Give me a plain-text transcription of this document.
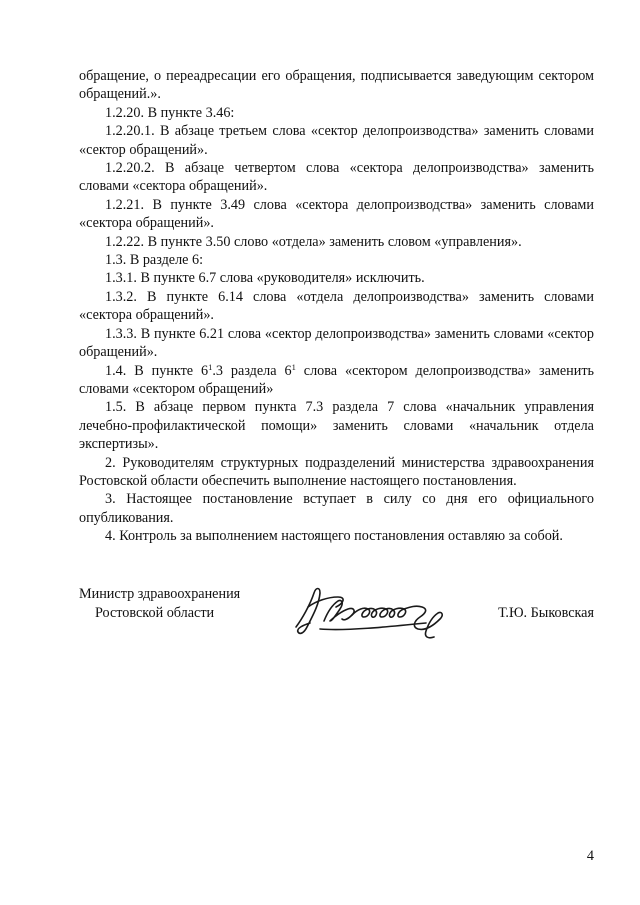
обращение, о переадресации его обращения, подписывается заведующим сектором обращений.».

1.2.20. В пункте 3.46:

1.2.20.1. В абзаце третьем слова «сектор делопроизводства» заменить словами «сектор обращений».

1.2.20.2. В абзаце четвертом слова «сектора делопроизводства» заменить словами «сектора обращений».

1.2.21. В пункте 3.49 слова «сектора делопроизводства» заменить словами «сектора обращений».

1.2.22. В пункте 3.50 слово «отдела» заменить словом «управления».

1.3. В разделе 6:

1.3.1. В пункте 6.7 слова «руководителя» исключить.

1.3.2. В пункте 6.14 слова «отдела делопроизводства» заменить словами «сектора обращений».

1.3.3. В пункте 6.21 слова «сектор делопроизводства» заменить словами «сектор обращений».

1.4. В пункте $6^1.3$ раздела $6^1$ слова «сектором делопроизводства» заменить словами «сектором обращений»

1.5. В абзаце первом пункта 7.3 раздела 7 слова «начальник управления лечебно-профилактической помощи» заменить словами «начальник отдела экспертизы».

2. Руководителям структурных подразделений министерства здравоохранения Ростовской области обеспечить выполнение настоящего постановления.

3. Настоящее постановление вступает в силу со дня его официального опубликования.

4. Контроль за выполнением настоящего постановления оставляю за собой.

Министр здравоохранения
Ростовской области	Т.Ю. Быковская
4
